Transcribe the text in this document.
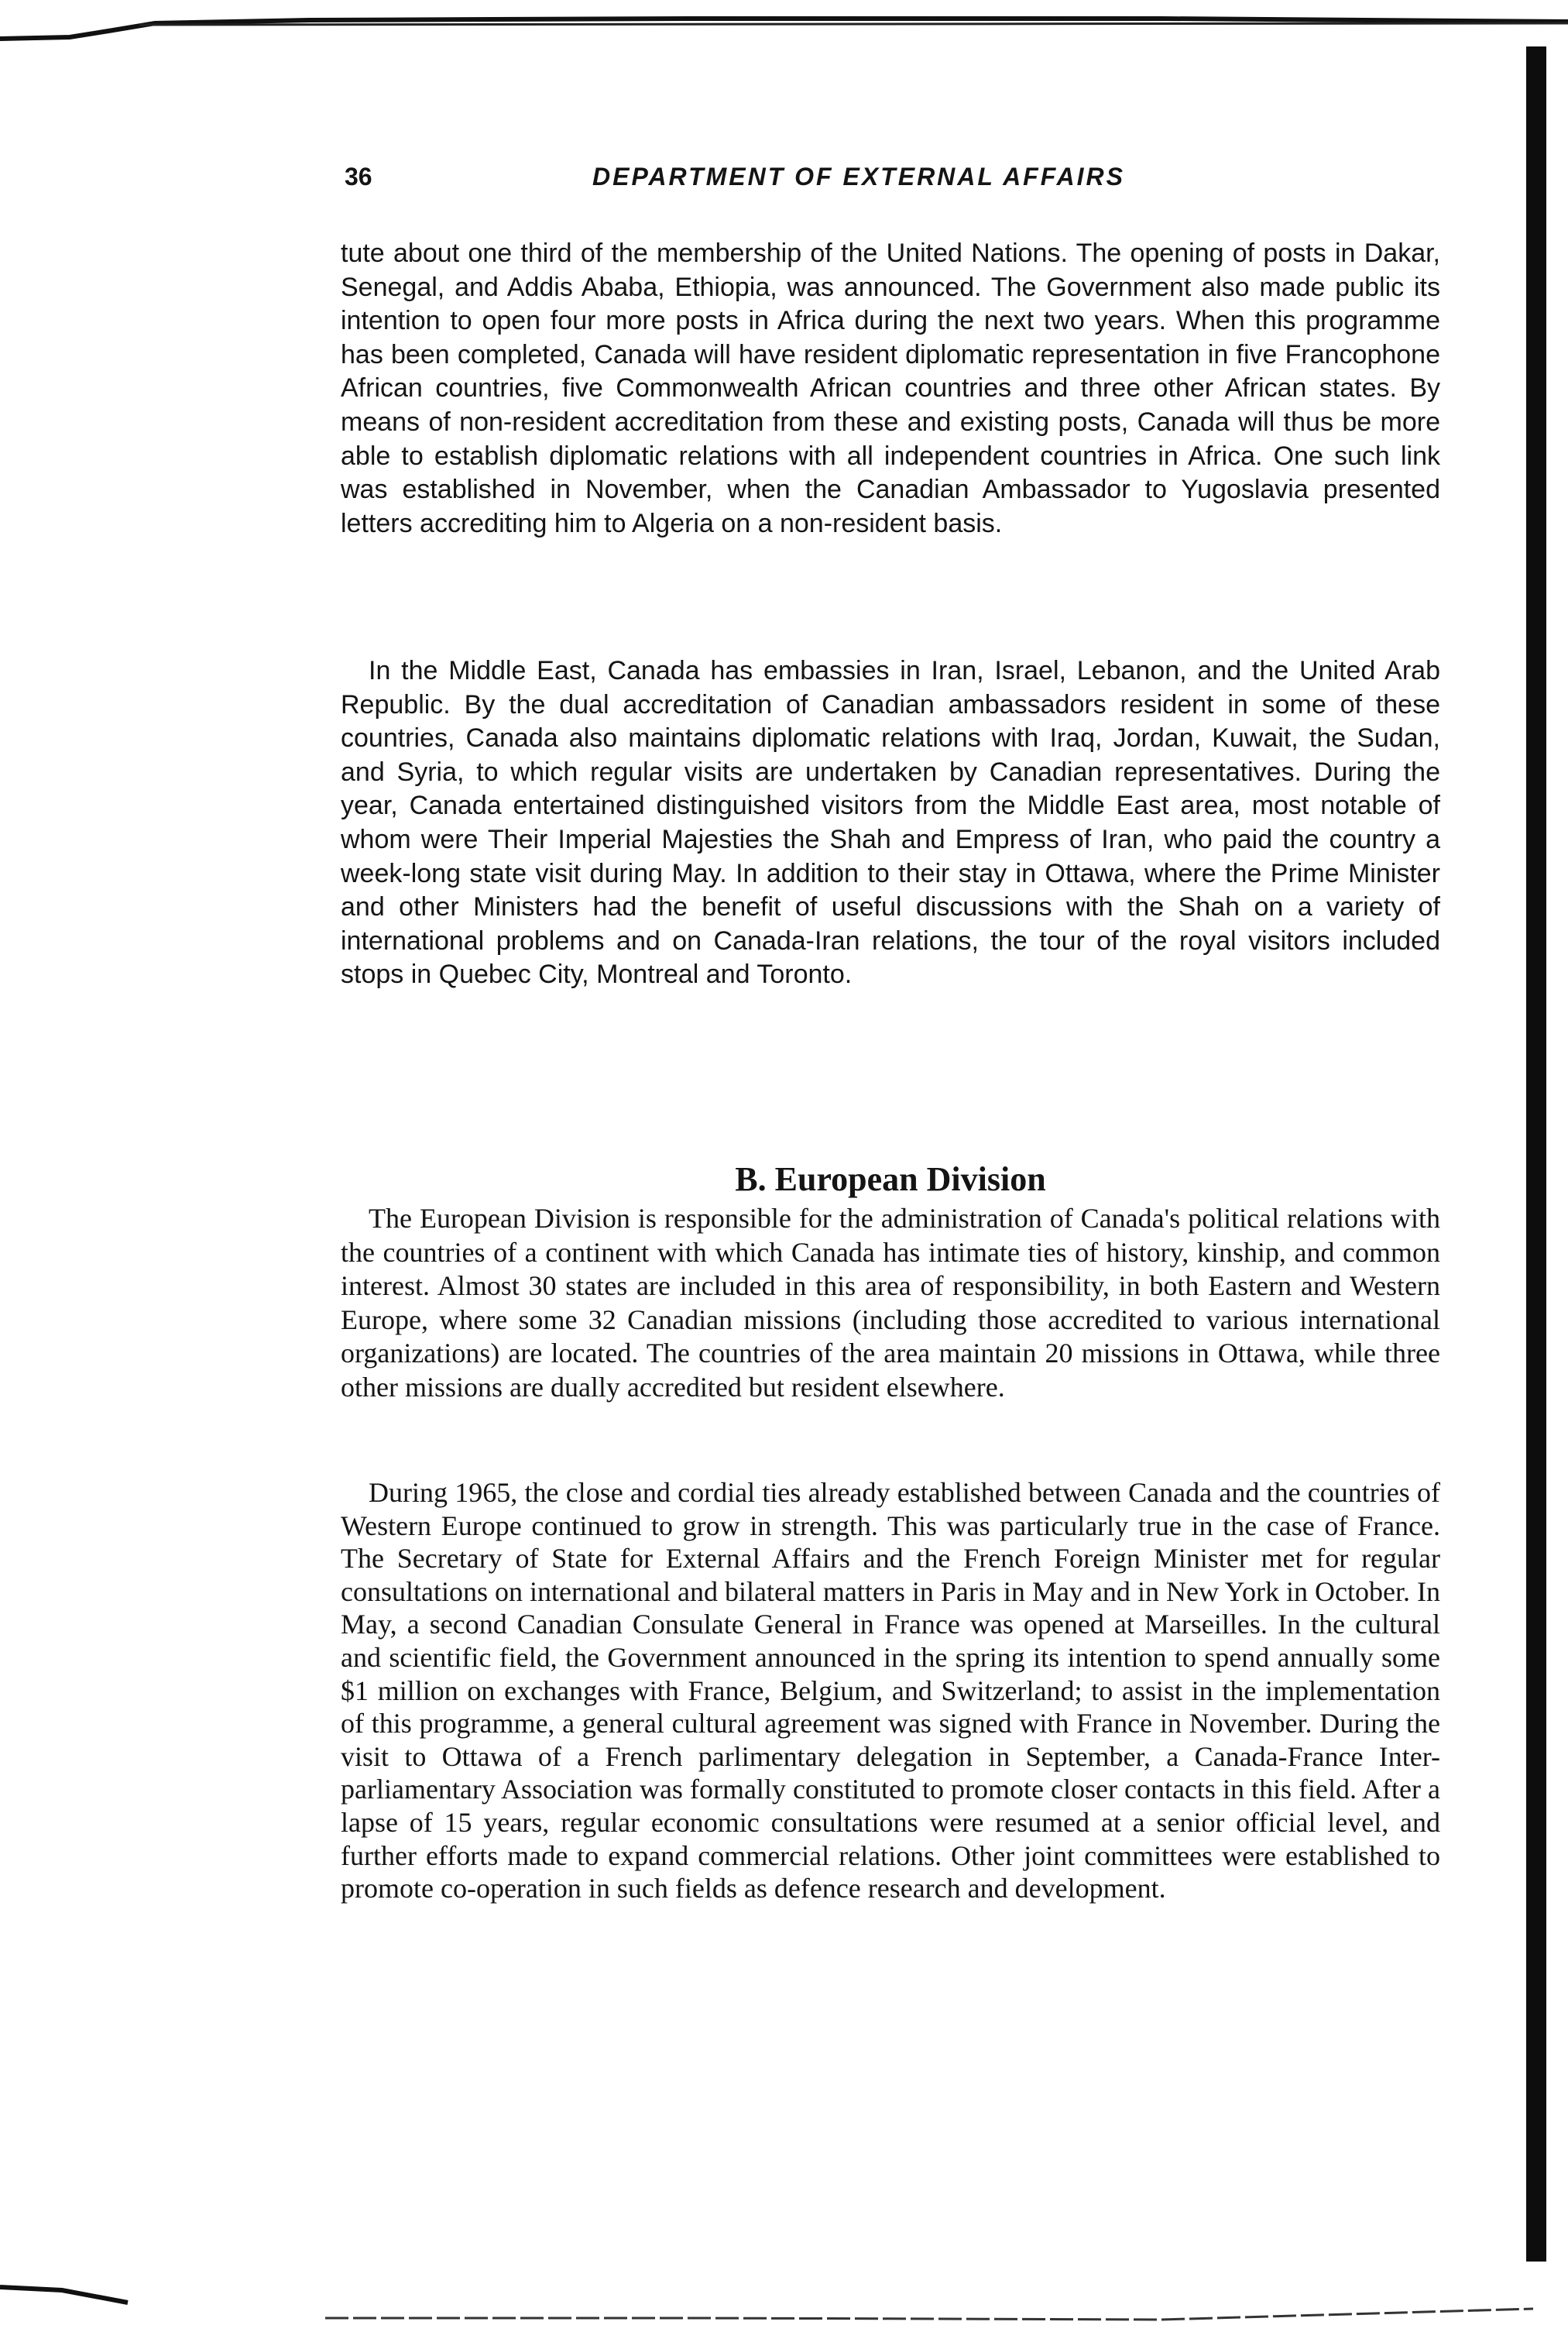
36	DEPARTMENT OF EXTERNAL AFFAIRS

tute about one third of the membership of the United Nations. The opening of posts in Dakar, Senegal, and Addis Ababa, Ethiopia, was announced. The Government also made public its intention to open four more posts in Africa during the next two years. When this programme has been completed, Canada will have resident diplomatic representation in five Francophone African countries, five Commonwealth African countries and three other African states. By means of non-resident accreditation from these and existing posts, Canada will thus be more able to establish diplomatic relations with all independent countries in Africa. One such link was established in November, when the Canadian Ambassador to Yugoslavia presented letters accrediting him to Algeria on a non-resident basis.

In the Middle East, Canada has embassies in Iran, Israel, Lebanon, and the United Arab Republic. By the dual accreditation of Canadian ambassadors resident in some of these countries, Canada also maintains diplomatic relations with Iraq, Jordan, Kuwait, the Sudan, and Syria, to which regular visits are undertaken by Canadian representatives. During the year, Canada entertained distinguished visitors from the Middle East area, most notable of whom were Their Imperial Majesties the Shah and Empress of Iran, who paid the country a week-long state visit during May. In addition to their stay in Ottawa, where the Prime Minister and other Ministers had the benefit of useful discussions with the Shah on a variety of international problems and on Canada-Iran relations, the tour of the royal visitors included stops in Quebec City, Montreal and Toronto.

B. European Division

The European Division is responsible for the administration of Canada's political relations with the countries of a continent with which Canada has intimate ties of history, kinship, and common interest. Almost 30 states are included in this area of responsibility, in both Eastern and Western Europe, where some 32 Canadian missions (including those accredited to various international organizations) are located. The countries of the area maintain 20 missions in Ottawa, while three other missions are dually accredited but resident elsewhere.

During 1965, the close and cordial ties already established between Canada and the countries of Western Europe continued to grow in strength. This was particularly true in the case of France. The Secretary of State for External Affairs and the French Foreign Minister met for regular consultations on international and bilateral matters in Paris in May and in New York in October. In May, a second Canadian Consulate General in France was opened at Marseilles. In the cultural and scientific field, the Government announced in the spring its intention to spend annually some $1 million on exchanges with France, Belgium, and Switzerland; to assist in the implementation of this programme, a general cultural agreement was signed with France in November. During the visit to Ottawa of a French parlimentary delegation in September, a Canada-France Inter-parliamentary Association was formally constituted to promote closer contacts in this field. After a lapse of 15 years, regular economic consultations were resumed at a senior official level, and further efforts made to expand commercial relations. Other joint committees were established to promote co-operation in such fields as defence research and development.
